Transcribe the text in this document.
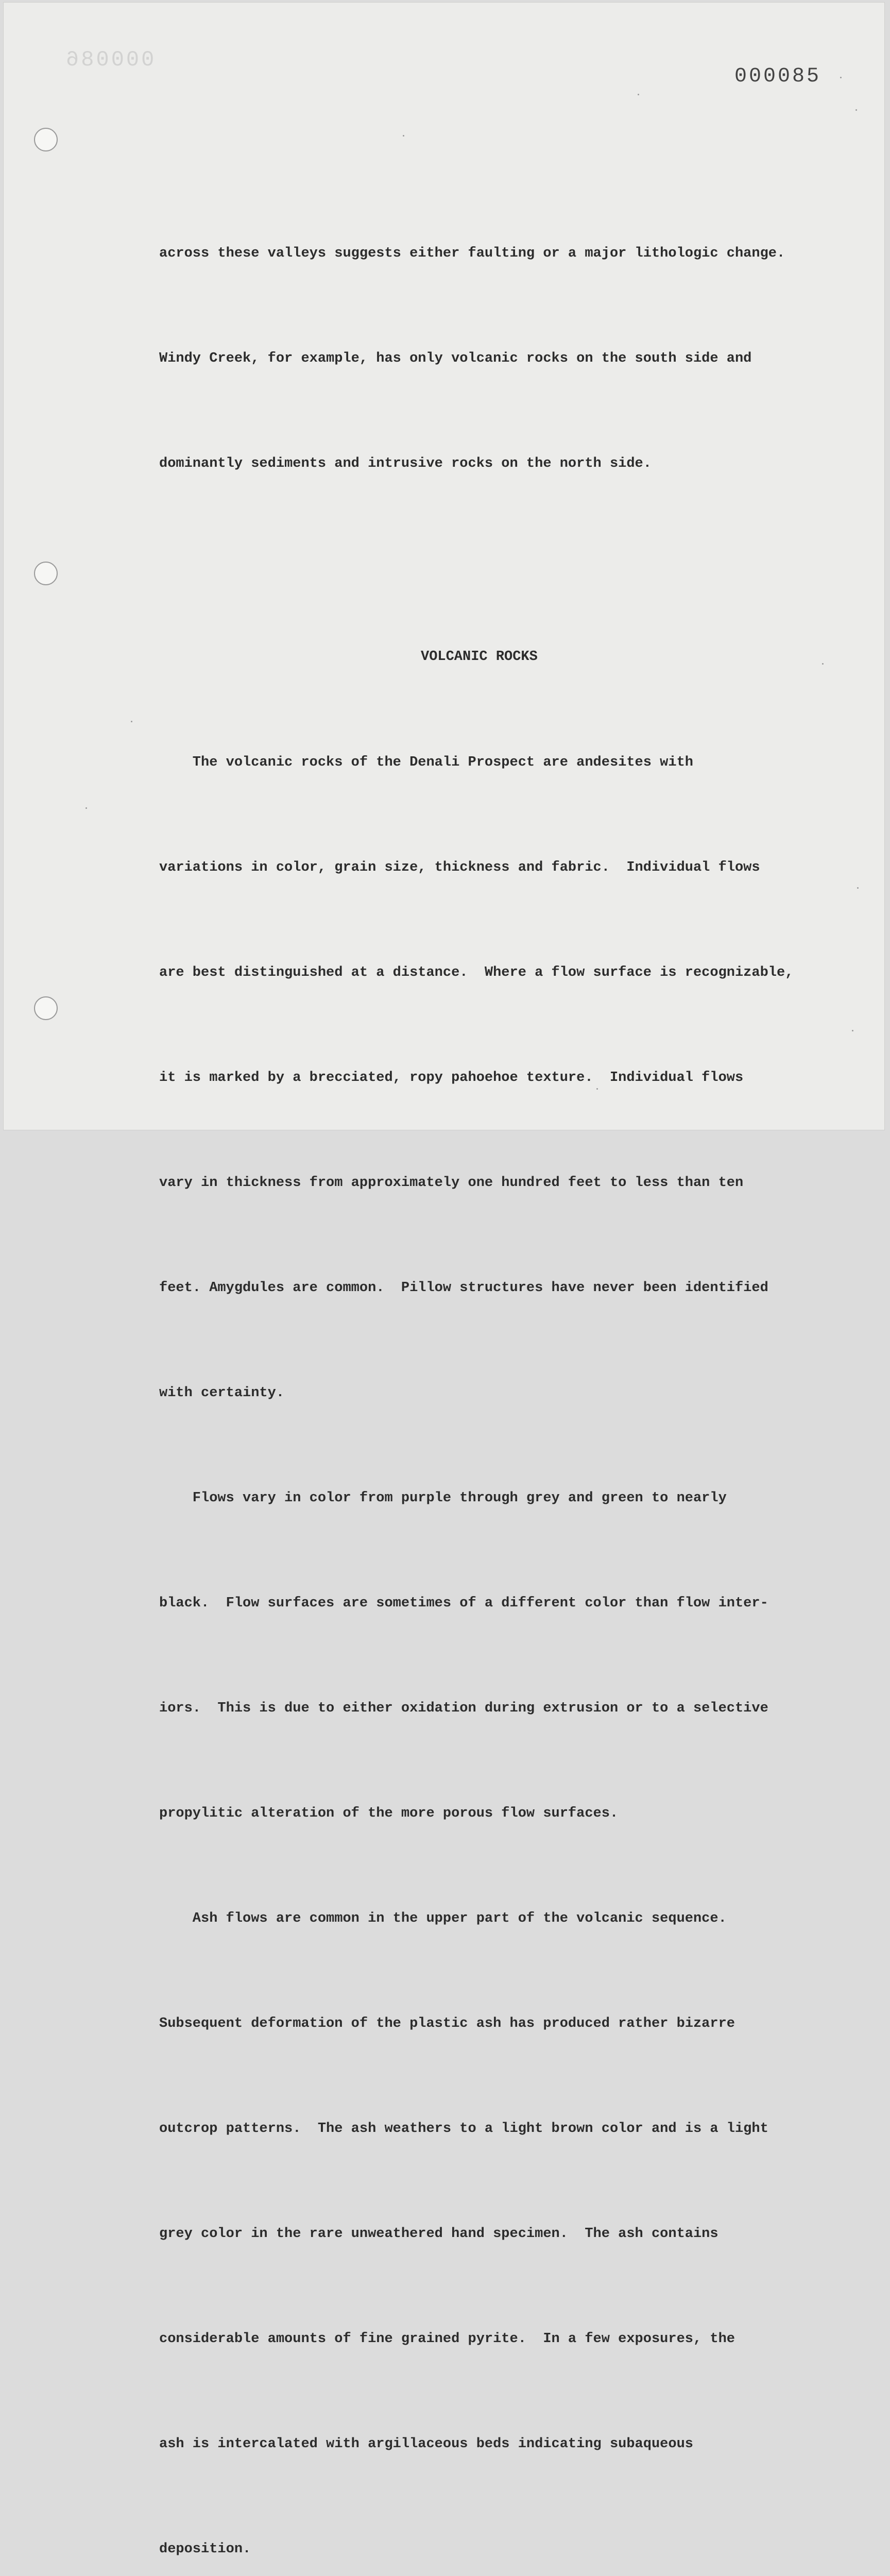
000086
000085

across these valleys suggests either faulting or a major lithologic change.

Windy Creek, for example, has only volcanic rocks on the south side and

dominantly sediments and intrusive rocks on the north side.

VOLCANIC ROCKS

The volcanic rocks of the Denali Prospect are andesites with

variations in color, grain size, thickness and fabric.  Individual flows

are best distinguished at a distance.  Where a flow surface is recognizable,

it is marked by a brecciated, ropy pahoehoe texture.  Individual flows

vary in thickness from approximately one hundred feet to less than ten

feet. Amygdules are common.  Pillow structures have never been identified

with certainty.

Flows vary in color from purple through grey and green to nearly

black.  Flow surfaces are sometimes of a different color than flow inter-

iors.  This is due to either oxidation during extrusion or to a selective

propylitic alteration of the more porous flow surfaces.

Ash flows are common in the upper part of the volcanic sequence.

Subsequent deformation of the plastic ash has produced rather bizarre

outcrop patterns.  The ash weathers to a light brown color and is a light

grey color in the rare unweathered hand specimen.  The ash contains

considerable amounts of fine grained pyrite.  In a few exposures, the

ash is intercalated with argillaceous beds indicating subaqueous

deposition.
